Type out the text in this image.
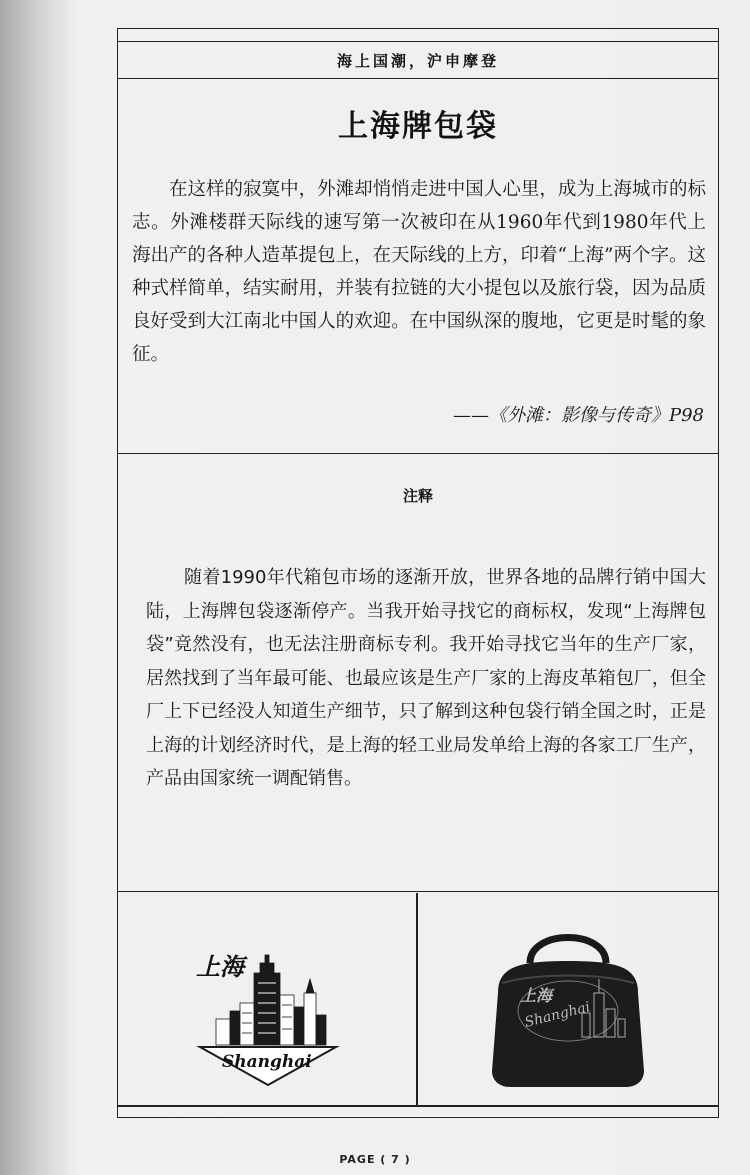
海上国潮，沪申摩登
上海牌包袋
在这样的寂寞中，外滩却悄悄走进中国人心里，成为上海城市的标志。外滩楼群天际线的速写第一次被印在从1960年代到1980年代上海出产的各种人造革提包上，在天际线的上方，印着“上海”两个字。这种式样简单，结实耐用，并装有拉链的大小提包以及旅行袋，因为品质良好受到大江南北中国人的欢迎。在中国纵深的腹地，它更是时髦的象征。
——《外滩：影像与传奇》P98
注释
随着1990年代箱包市场的逐渐开放，世界各地的品牌行销中国大陆，上海牌包袋逐渐停产。当我开始寻找它的商标权，发现“上海牌包袋”竟然没有，也无法注册商标专利。我开始寻找它当年的生产厂家，居然找到了当年最可能、也最应该是生产厂家的上海皮革箱包厂，但全厂上下已经没人知道生产细节，只了解到这种包袋行销全国之时，正是上海的计划经济时代，是上海的轻工业局发单给上海的各家工厂生产，产品由国家统一调配销售。
上海
Shanghai
上海
Shanghai
PAGE ( 7 )
